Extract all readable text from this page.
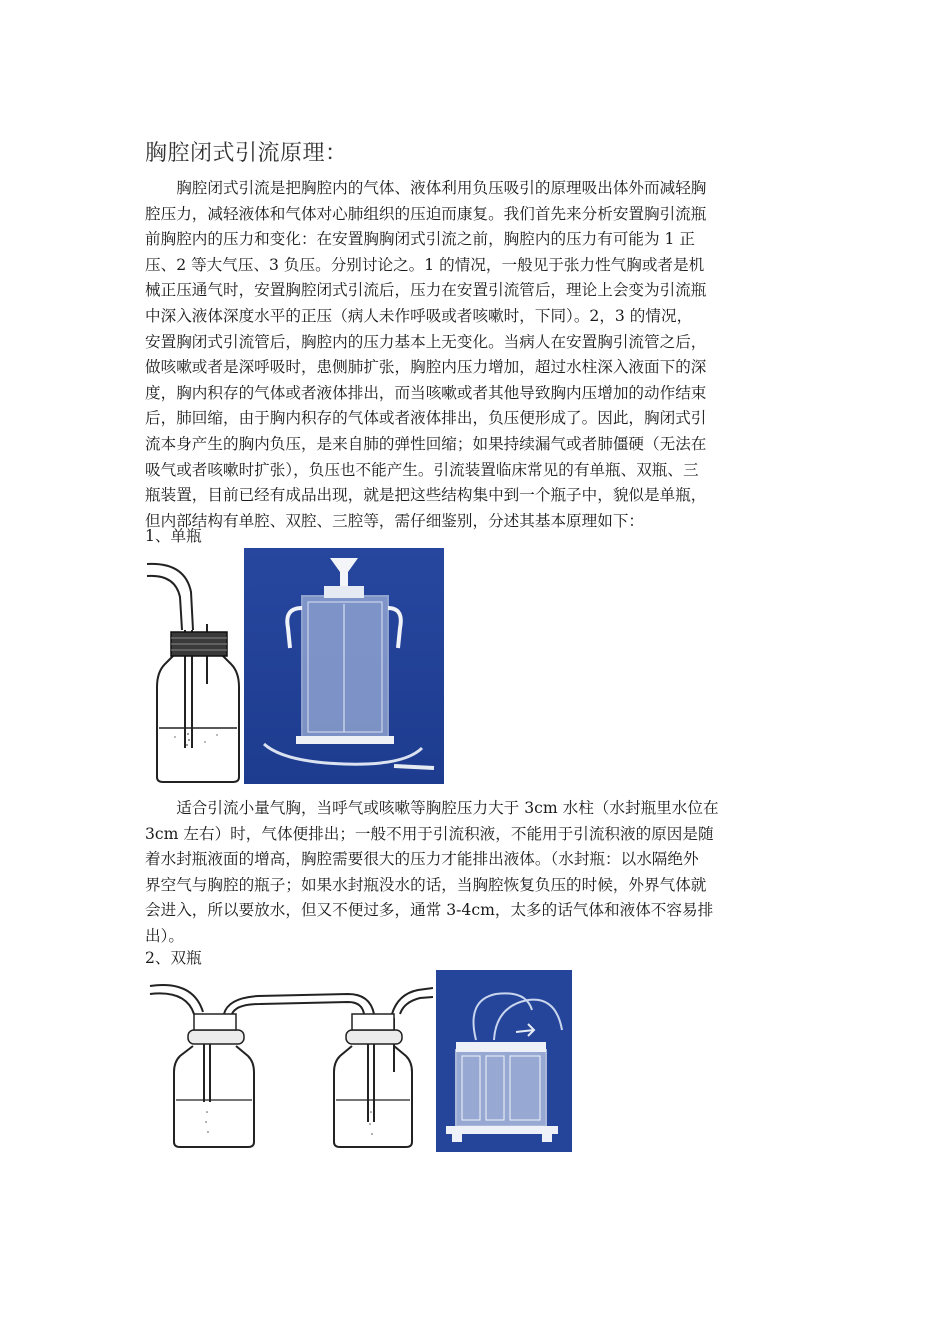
胸腔闭式引流原理：
　　胸腔闭式引流是把胸腔内的气体、液体利用负压吸引的原理吸出体外而减轻胸
腔压力，减轻液体和气体对心肺组织的压迫而康复。我们首先来分析安置胸引流瓶
前胸腔内的压力和变化：在安置胸胸闭式引流之前，胸腔内的压力有可能为 1 正
压、2 等大气压、3 负压。分别讨论之。1 的情况，一般见于张力性气胸或者是机
械正压通气时，安置胸腔闭式引流后，压力在安置引流管后，理论上会变为引流瓶
中深入液体深度水平的正压（病人未作呼吸或者咳嗽时，下同）。2，3 的情况，
安置胸闭式引流管后，胸腔内的压力基本上无变化。当病人在安置胸引流管之后，
做咳嗽或者是深呼吸时，患侧肺扩张，胸腔内压力增加，超过水柱深入液面下的深
度，胸内积存的气体或者液体排出，而当咳嗽或者其他导致胸内压增加的动作结束
后，肺回缩，由于胸内积存的气体或者液体排出，负压便形成了。因此，胸闭式引
流本身产生的胸内负压，是来自肺的弹性回缩；如果持续漏气或者肺僵硬（无法在
吸气或者咳嗽时扩张），负压也不能产生。引流装置临床常见的有单瓶、双瓶、三
瓶装置，目前已经有成品出现，就是把这些结构集中到一个瓶子中，貌似是单瓶，
但内部结构有单腔、双腔、三腔等，需仔细鉴别，分述其基本原理如下：
1、单瓶
　　适合引流小量气胸，当呼气或咳嗽等胸腔压力大于 3cm 水柱（水封瓶里水位在
3cm 左右）时，气体便排出；一般不用于引流积液，不能用于引流积液的原因是随
着水封瓶液面的增高，胸腔需要很大的压力才能排出液体。（水封瓶：以水隔绝外
界空气与胸腔的瓶子；如果水封瓶没水的话，当胸腔恢复负压的时候，外界气体就
会进入，所以要放水，但又不便过多，通常 3-4cm，太多的话气体和液体不容易排
出）。
2、双瓶
